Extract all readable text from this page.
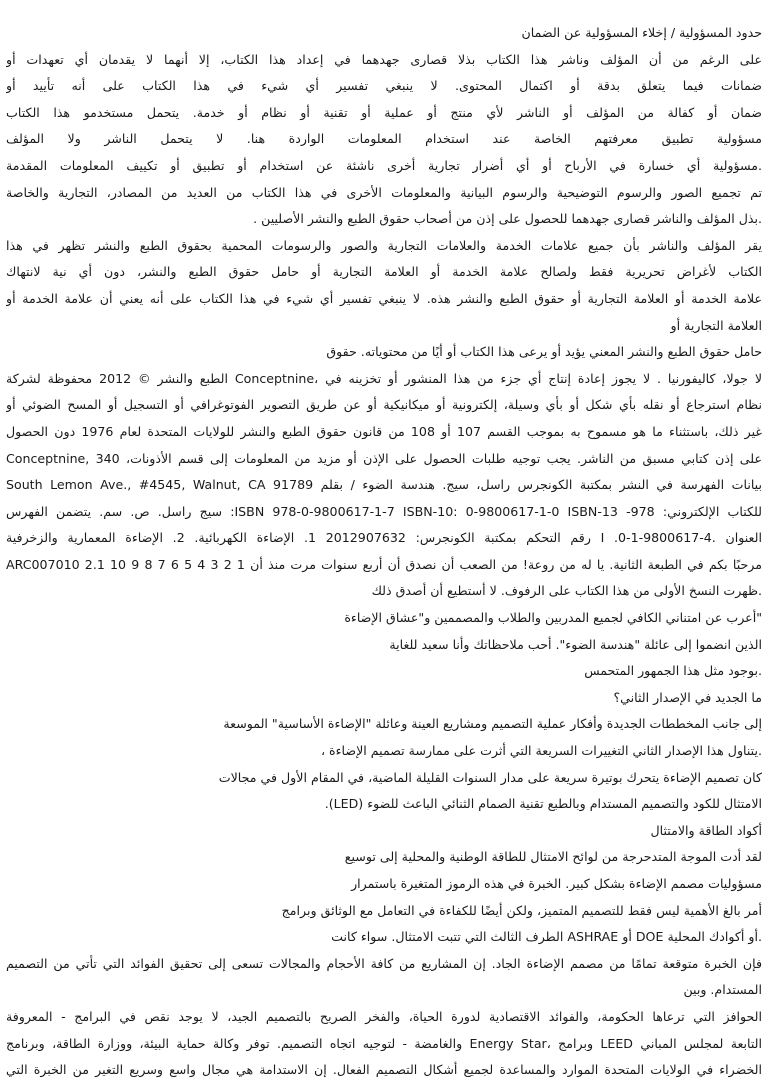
حدود المسؤولية / إخلاء المسؤولية عن الضمان
على الرغم من أن المؤلف وناشر هذا الكتاب بذلا قصارى جهدهما في إعداد هذا الكتاب، إلا أنهما لا يقدمان أي تعهدات أو
ضمانات فيما يتعلق بدقة أو اكتمال المحتوى. لا ينبغي تفسير أي شيء في هذا الكتاب على أنه تأييد أو
ضمان أو كفالة من المؤلف أو الناشر لأي منتج أو عملية أو تقنية أو نظام أو خدمة. يتحمل مستخدمو هذا الكتاب
مسؤولية تطبيق معرفتهم الخاصة عند استخدام المعلومات الواردة هنا. لا يتحمل الناشر ولا المؤلف
.مسؤولية أي خسارة في الأرباح أو أي أضرار تجارية أخرى ناشئة عن استخدام أو تطبيق أو تكييف المعلومات المقدمة
تم تجميع الصور والرسوم التوضيحية والرسوم البيانية والمعلومات الأخرى في هذا الكتاب من العديد من المصادر، التجارية والخاصة
.بذل المؤلف والناشر قصارى جهدهما للحصول على إذن من أصحاب حقوق الطبع والنشر الأصليين .
يقر المؤلف والناشر بأن جميع علامات الخدمة والعلامات التجارية والصور والرسومات المحمية بحقوق الطبع والنشر تظهر في هذا
الكتاب لأغراض تحريرية فقط ولصالح علامة الخدمة أو العلامة التجارية أو حامل حقوق الطبع والنشر، دون أي نية لانتهاك
علامة الخدمة أو العلامة التجارية أو حقوق الطبع والنشر هذه. لا ينبغي تفسير أي شيء في هذا الكتاب على أنه يعني أن علامة الخدمة أو
العلامة التجارية أو
حامل حقوق الطبع والنشر المعني يؤيد أو يرعى هذا الكتاب أو أيًا من محتوياته. حقوق
لا جولا، كاليفورنيا . لا يجوز إعادة إنتاج أي جزء من هذا المنشور أو تخزينه في ،Conceptnine الطبع والنشر © 2012 محفوظة لشركة
نظام استرجاع أو نقله بأي شكل أو بأي وسيلة، إلكترونية أو ميكانيكية أو عن طريق التصوير الفوتوغرافي أو التسجيل أو المسح الضوئي أو
غير ذلك، باستثناء ما هو مسموح به بموجب القسم 107 أو 108 من قانون حقوق الطبع والنشر للولايات المتحدة لعام 1976 دون الحصول
على إذن كتابي مسبق من الناشر. يجب توجيه طلبات الحصول على الإذن أو مزيد من المعلومات إلى قسم الأذونات، Conceptnine, 340
South Lemon Ave., #4545, Walnut, CA 91789 بيانات الفهرسة في النشر بمكتبة الكونجرس راسل، سيج. هندسة الضوء / بقلم
للكتاب الإلكتروني: 978- ISBN 978-0-9800617-1-7 ISBN-10: 0-9800617-1-0 ISBN-13: سيج راسل. ص. سم. يتضمن الفهرس
العنوان .I .0-1-9800617-4 رقم التحكم بمكتبة الكونجرس: 2012907632 1. الإضاءة الكهربائية. 2. الإضاءة المعمارية والزخرفية
مرحبًا بكم في الطبعة الثانية. يا له من روعة! من الصعب أن نصدق أن أربع سنوات مرت منذ أن ARC007010 2.1 10 9 8 7 6 5 4 3 2 1
.ظهرت النسخ الأولى من هذا الكتاب على الرفوف. لا أستطيع أن أصدق ذلك
"أعرب عن امتناني الكافي لجميع المدربين والطلاب والمصممين و"عشاق الإضاءة
الذين انضموا إلى عائلة "هندسة الضوء". أحب ملاحظاتك وأنا سعيد للغاية
.بوجود مثل هذا الجمهور المتحمس
ما الجديد في الإصدار الثاني؟
إلى جانب المخططات الجديدة وأفكار عملية التصميم ومشاريع العينة وعائلة "الإضاءة الأساسية" الموسعة
.يتناول هذا الإصدار الثاني التغييرات السريعة التي أثرت على ممارسة تصميم الإضاءة ،
كان تصميم الإضاءة يتحرك بوتيرة سريعة على مدار السنوات القليلة الماضية، في المقام الأول في مجالات
.(LED) الامتثال للكود والتصميم المستدام وبالطبع تقنية الصمام الثنائي الباعث للضوء
أكواد الطاقة والامتثال
لقد أدت الموجة المتدحرجة من لوائح الامتثال للطاقة الوطنية والمحلية إلى توسيع
مسؤوليات مصمم الإضاءة بشكل كبير. الخبرة في هذه الرموز المتغيرة باستمرار
أمر بالغ الأهمية ليس فقط للتصميم المتميز، ولكن أيضًا للكفاءة في التعامل مع الوثائق وبرامج
.أو أكوادك المحلية DOE أو ASHRAE الطرف الثالث التي تتبت الامتثال. سواء كانت
فإن الخبرة متوقعة تمامًا من مصمم الإضاءة الجاد. إن المشاريع من كافة الأحجام والمجالات تسعى إلى تحقيق الفوائد التي تأتي من التصميم
المستدام. وبين
الحوافز التي ترعاها الحكومة، والفوائد الاقتصادية لدورة الحياة، والفخر الصريح بالتصميم الجيد، لا يوجد نقص في البرامج - المعروفة
التابعة لمجلس المباني LEED وبرامج ،Energy Star والغامضة - لتوجيه اتجاه التصميم. توفر وكالة حماية البيئة، ووزارة الطاقة، وبرنامج
الخضراء في الولايات المتحدة الموارد والمساعدة لجميع أشكال التصميم الفعال. إن الاستدامة هي مجال واسع وسريع التغير من الخبرة التي
